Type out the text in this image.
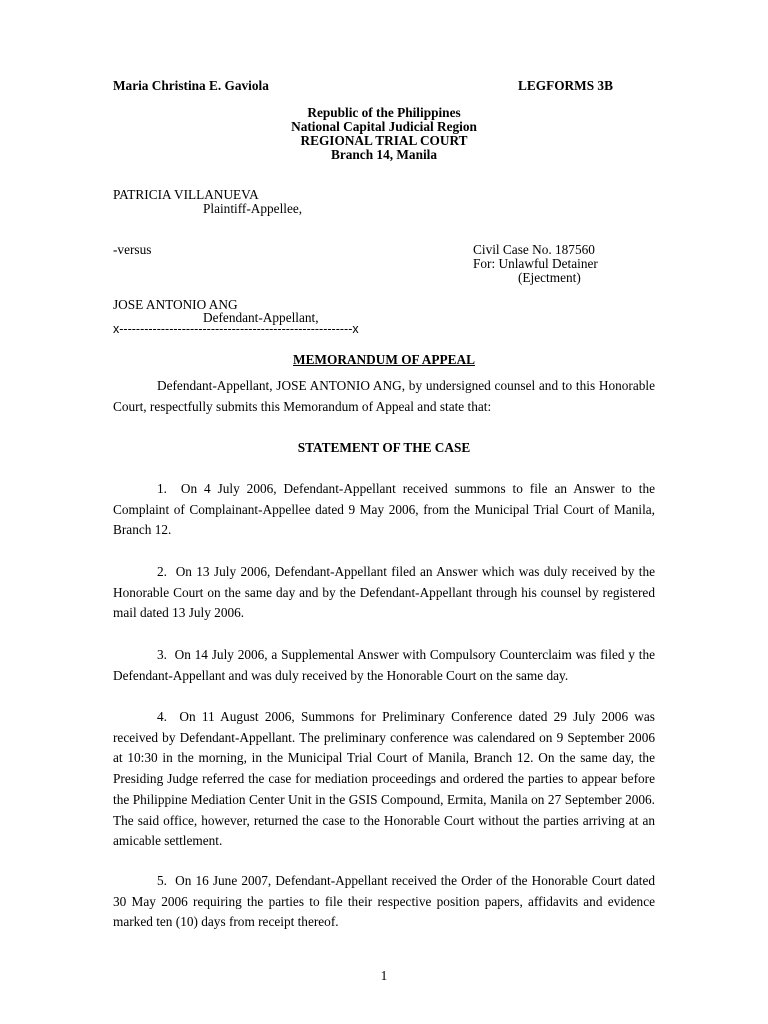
Maria Christina E. Gaviola	LEGFORMS 3B
Republic of the Philippines
National Capital Judicial Region
REGIONAL TRIAL COURT
Branch 14, Manila
PATRICIA VILLANUEVA
Plaintiff-Appellee,
-versus	Civil Case No. 187560
For: Unlawful Detainer
(Ejectment)
JOSE ANTONIO ANG
Defendant-Appellant,
x--------------------------------------------------------x
MEMORANDUM OF APPEAL
Defendant-Appellant, JOSE ANTONIO ANG, by undersigned counsel and to this Honorable Court, respectfully submits this Memorandum of Appeal and state that:
STATEMENT OF THE CASE
1. On 4 July 2006, Defendant-Appellant received summons to file an Answer to the Complaint of Complainant-Appellee dated 9 May 2006, from the Municipal Trial Court of Manila, Branch 12.
2. On 13 July 2006, Defendant-Appellant filed an Answer which was duly received by the Honorable Court on the same day and by the Defendant-Appellant through his counsel by registered mail dated 13 July 2006.
3. On 14 July 2006, a Supplemental Answer with Compulsory Counterclaim was filed y the Defendant-Appellant and was duly received by the Honorable Court on the same day.
4. On 11 August 2006, Summons for Preliminary Conference dated 29 July 2006 was received by Defendant-Appellant. The preliminary conference was calendared on 9 September 2006 at 10:30 in the morning, in the Municipal Trial Court of Manila, Branch 12. On the same day, the Presiding Judge referred the case for mediation proceedings and ordered the parties to appear before the Philippine Mediation Center Unit in the GSIS Compound, Ermita, Manila on 27 September 2006. The said office, however, returned the case to the Honorable Court without the parties arriving at an amicable settlement.
5. On 16 June 2007, Defendant-Appellant received the Order of the Honorable Court dated 30 May 2006 requiring the parties to file their respective position papers, affidavits and evidence marked ten (10) days from receipt thereof.
1
